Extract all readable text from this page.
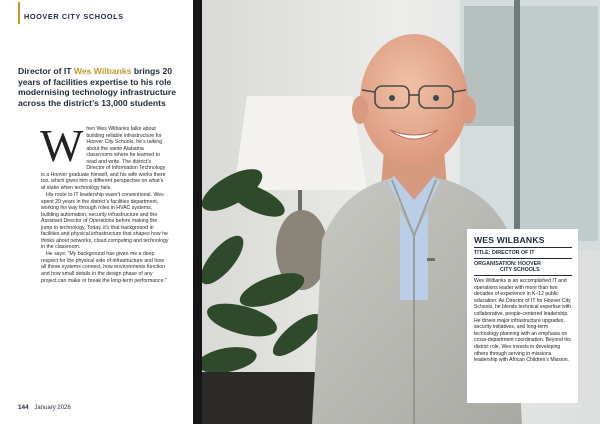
HOOVER CITY SCHOOLS
Director of IT Wes Wilbanks brings 20 years of facilities expertise to his role modernising technology infrastructure across the district’s 13,000 students
W hen Wes Wilbanks talks about building reliable infrastructure for Hoover City Schools, he’s talking about the same Alabama classrooms where he learned to read and write. The district’s Director of Information Technology is a Hoover graduate himself, and his wife works there too, which gives him a different perspective on what’s at stake when technology fails.

His route to IT leadership wasn’t conventional. Wes spent 20 years in the district’s facilities department, working his way through roles in HVAC systems, building automation, security infrastructure and the Assistant Director of Operations before making the jump to technology. Today, it’s that background in facilities and physical infrastructure that shapes how he thinks about networks, cloud computing and technology in the classroom.

He says: “My background has given me a deep respect for the physical side of infrastructure and how all these systems connect, how environments function and how small details in the design phase of any project can make or break the long-term performance.”

144 January 2026
WES WILBANKS
TITLE: DIRECTOR OF IT
ORGANISATION: HOOVER
CITY SCHOOLS
Wes Wilbanks is an accomplished IT and operations leader with more than two decades of experience in K–12 public education. As Director of IT for Hoover City Schools, he blends technical expertise with collaborative, people-centered leadership. He drives major infrastructure upgrades, security initiatives, and long-term technology planning with an emphasis on cross-department coordination. Beyond his district role, Wes invests in developing others through serving in missions leadership with African Children’s Mission.
